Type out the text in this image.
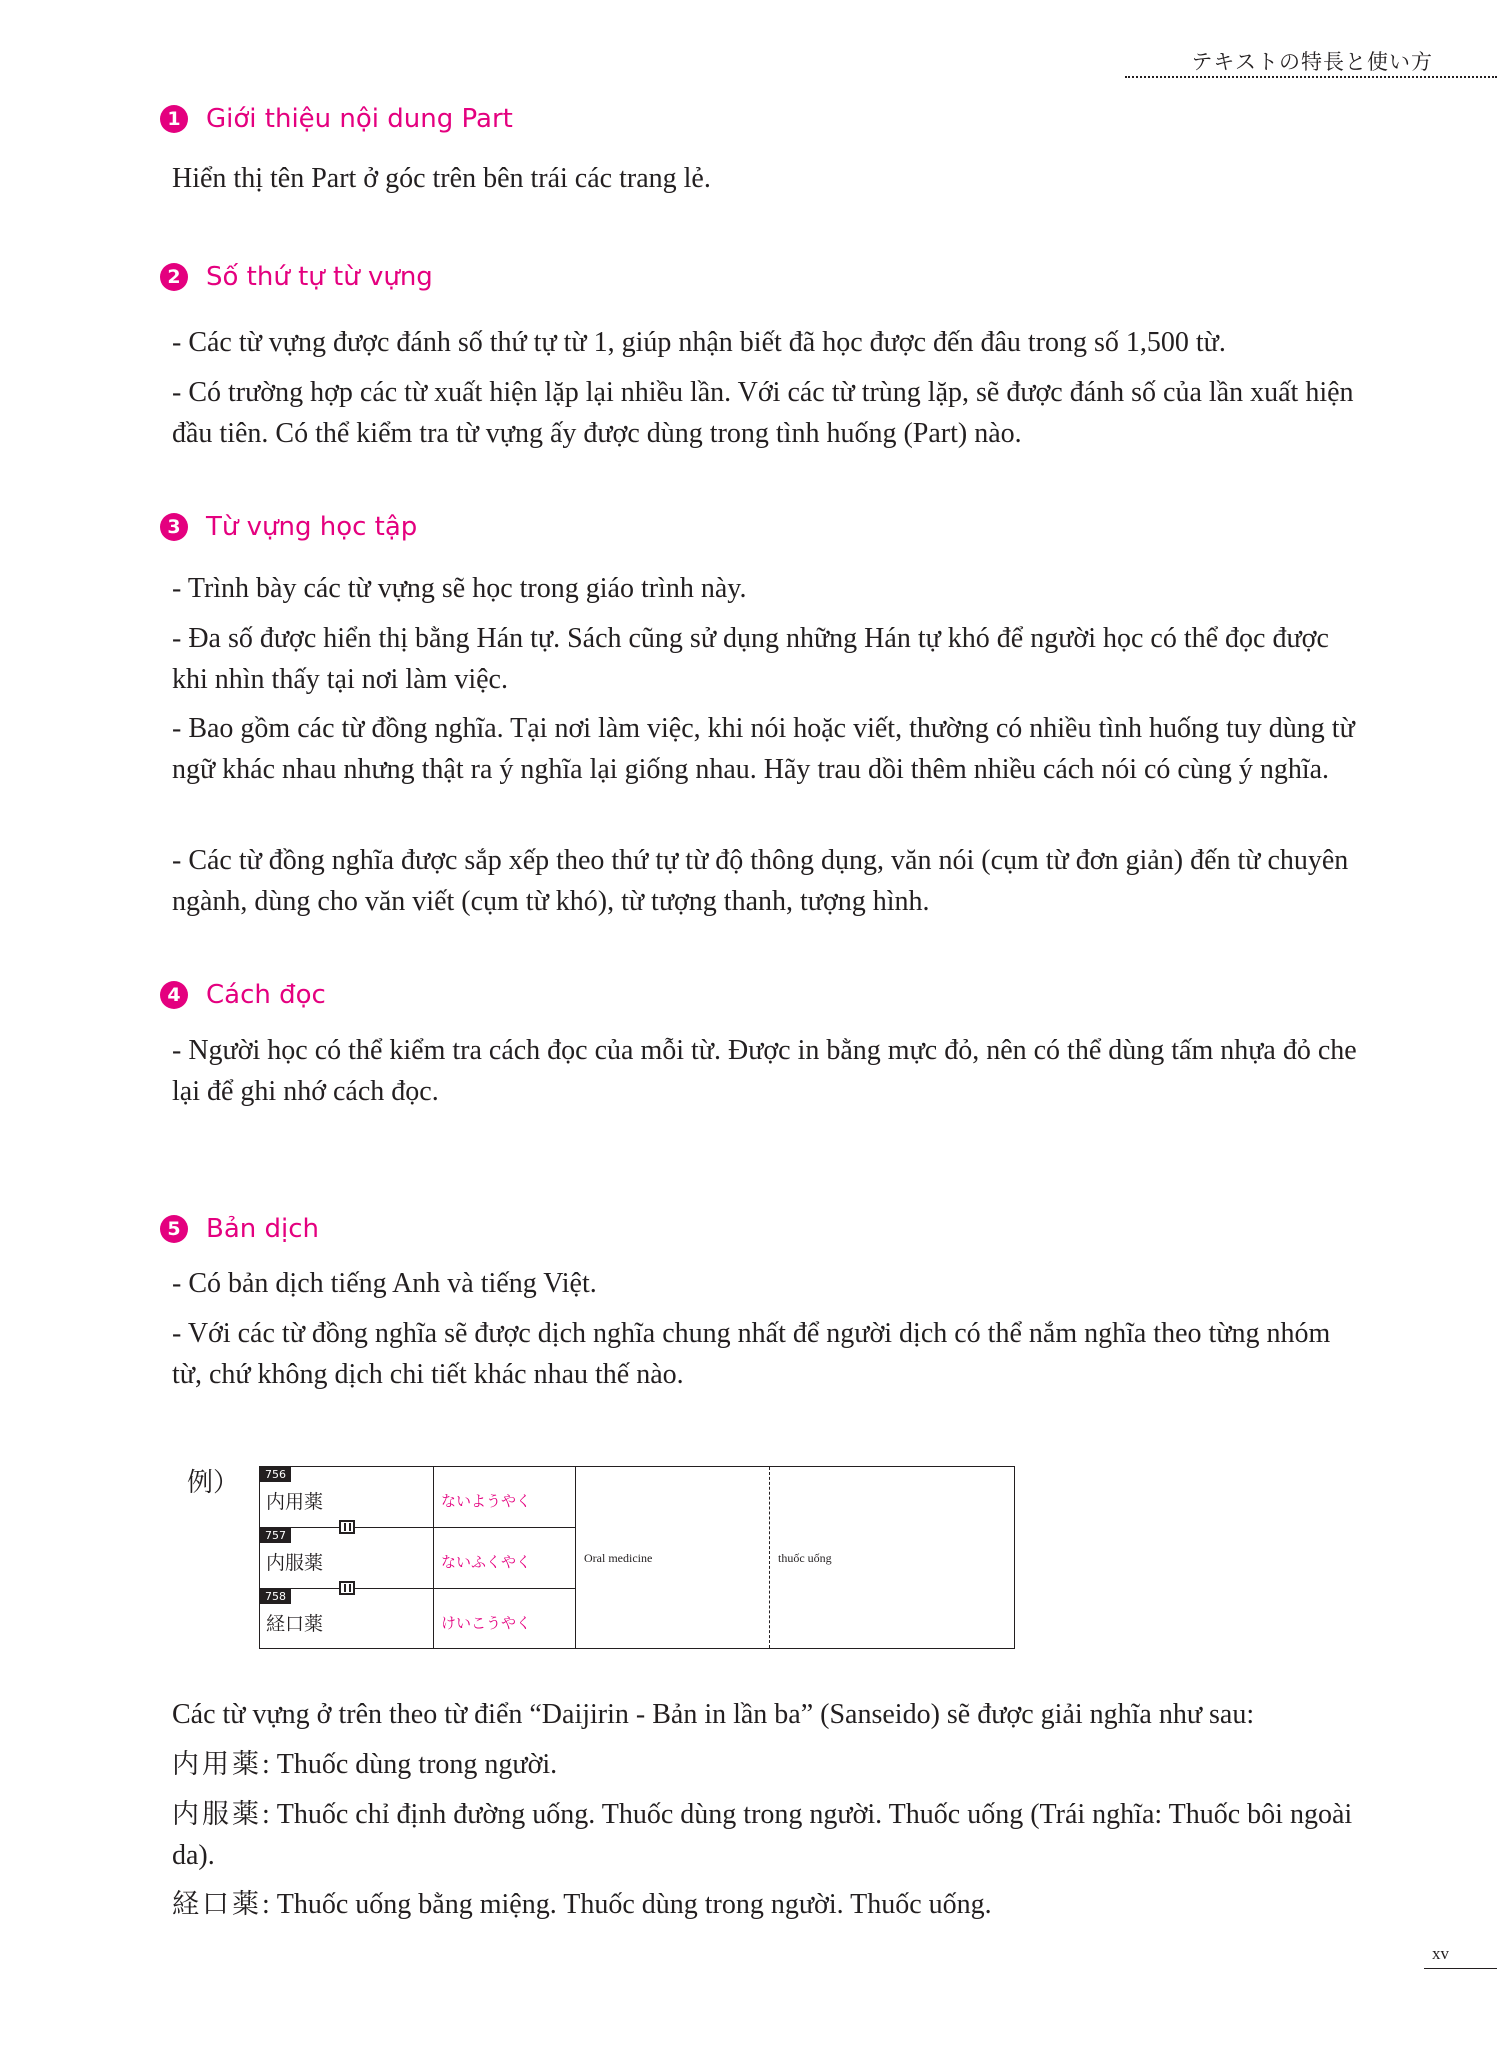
テキストの特長と使い方
1 Giới thiệu nội dung Part

Hiển thị tên Part ở góc trên bên trái các trang lẻ.

2 Số thứ tự từ vựng

- Các từ vựng được đánh số thứ tự từ 1, giúp nhận biết đã học được đến đâu trong số 1,500 từ.

- Có trường hợp các từ xuất hiện lặp lại nhiều lần. Với các từ trùng lặp, sẽ được đánh số của lần xuất hiện đầu tiên. Có thể kiểm tra từ vựng ấy được dùng trong tình huống (Part) nào.

3 Từ vựng học tập

- Trình bày các từ vựng sẽ học trong giáo trình này.

- Đa số được hiển thị bằng Hán tự. Sách cũng sử dụng những Hán tự khó để người học có thể đọc được khi nhìn thấy tại nơi làm việc.

- Bao gồm các từ đồng nghĩa. Tại nơi làm việc, khi nói hoặc viết, thường có nhiều tình huống tuy dùng từ ngữ khác nhau nhưng thật ra ý nghĩa lại giống nhau. Hãy trau dồi thêm nhiều cách nói có cùng ý nghĩa.

- Các từ đồng nghĩa được sắp xếp theo thứ tự từ độ thông dụng, văn nói (cụm từ đơn giản) đến từ chuyên ngành, dùng cho văn viết (cụm từ khó), từ tượng thanh, tượng hình.

4 Cách đọc

- Người học có thể kiểm tra cách đọc của mỗi từ. Được in bằng mực đỏ, nên có thể dùng tấm nhựa đỏ che lại để ghi nhớ cách đọc.

5 Bản dịch

- Có bản dịch tiếng Anh và tiếng Việt.

- Với các từ đồng nghĩa sẽ được dịch nghĩa chung nhất để người dịch có thể nắm nghĩa theo từng nhóm từ, chứ không dịch chi tiết khác nhau thế nào.

例）	756
内用薬	ないようやく
757
内服薬	ないふくやく
758
経口薬	けいこうやく
Oral medicine	thuốc uống

Các từ vựng ở trên theo từ điển “Daijirin - Bản in lần ba” (Sanseido) sẽ được giải nghĩa như sau:

内用薬: Thuốc dùng trong người.

内服薬: Thuốc chỉ định đường uống. Thuốc dùng trong người. Thuốc uống (Trái nghĩa: Thuốc bôi ngoài da).

経口薬: Thuốc uống bằng miệng. Thuốc dùng trong người. Thuốc uống.

xv
